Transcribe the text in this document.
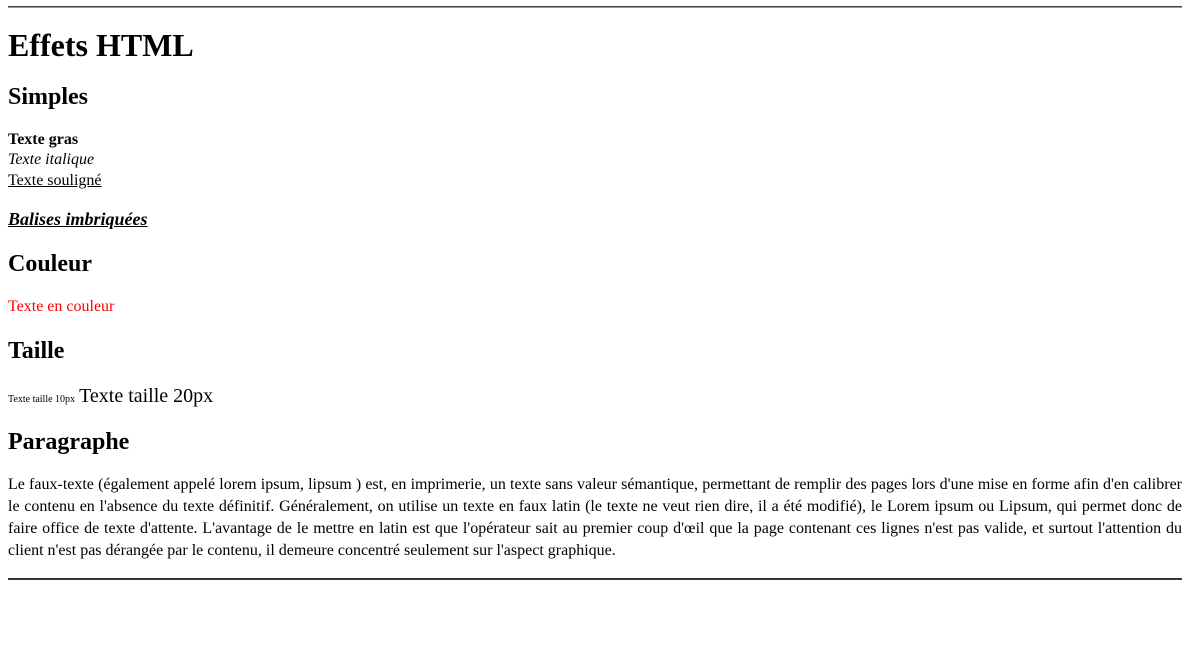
Effets HTML
Simples

Texte gras
Texte italique
Texte souligné

Balises imbriquées

Couleur

Texte en couleur

Taille

Texte taille 10px Texte taille 20px

Paragraphe

Le faux-texte (également appelé lorem ipsum, lipsum ) est, en imprimerie, un texte sans valeur sémantique, permettant de remplir des pages lors d'une mise en forme afin d'en calibrer le contenu en l'absence du texte définitif. Généralement, on utilise un texte en faux latin (le texte ne veut rien dire, il a été modifié), le Lorem ipsum ou Lipsum, qui permet donc de faire office de texte d'attente. L'avantage de le mettre en latin est que l'opérateur sait au premier coup d'œil que la page contenant ces lignes n'est pas valide, et surtout l'attention du client n'est pas dérangée par le contenu, il demeure concentré seulement sur l'aspect graphique.
